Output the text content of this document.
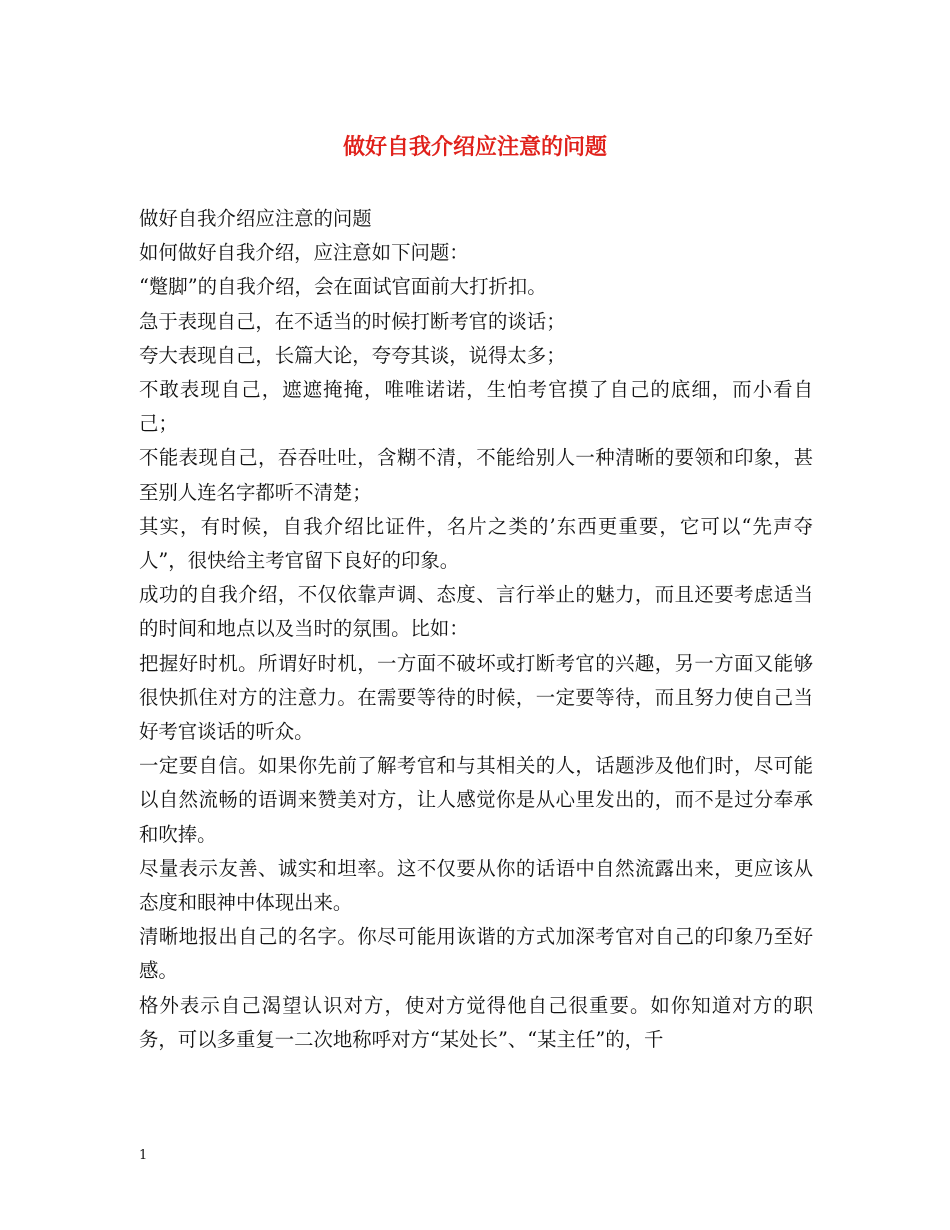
做好自我介绍应注意的问题

做好自我介绍应注意的问题

如何做好自我介绍，应注意如下问题：

“蹩脚”的自我介绍，会在面试官面前大打折扣。

急于表现自己，在不适当的时候打断考官的谈话；

夸大表现自己，长篇大论，夸夸其谈，说得太多；

不敢表现自己，遮遮掩掩，唯唯诺诺，生怕考官摸了自己的底细，而小看自己；

不能表现自己，吞吞吐吐，含糊不清，不能给别人一种清晰的要领和印象，甚至别人连名字都听不清楚；

其实，有时候，自我介绍比证件，名片之类的’东西更重要，它可以“先声夺人”，很快给主考官留下良好的印象。

成功的自我介绍，不仅依靠声调、态度、言行举止的魅力，而且还要考虑适当的时间和地点以及当时的氛围。比如：

把握好时机。所谓好时机，一方面不破坏或打断考官的兴趣，另一方面又能够很快抓住对方的注意力。在需要等待的时候，一定要等待，而且努力使自己当好考官谈话的听众。

一定要自信。如果你先前了解考官和与其相关的人，话题涉及他们时，尽可能以自然流畅的语调来赞美对方，让人感觉你是从心里发出的，而不是过分奉承和吹捧。

尽量表示友善、诚实和坦率。这不仅要从你的话语中自然流露出来，更应该从态度和眼神中体现出来。

清晰地报出自己的名字。你尽可能用诙谐的方式加深考官对自己的印象乃至好感。

格外表示自己渴望认识对方，使对方觉得他自己很重要。如你知道对方的职务，可以多重复一二次地称呼对方“某处长”、“某主任”的，千

1
